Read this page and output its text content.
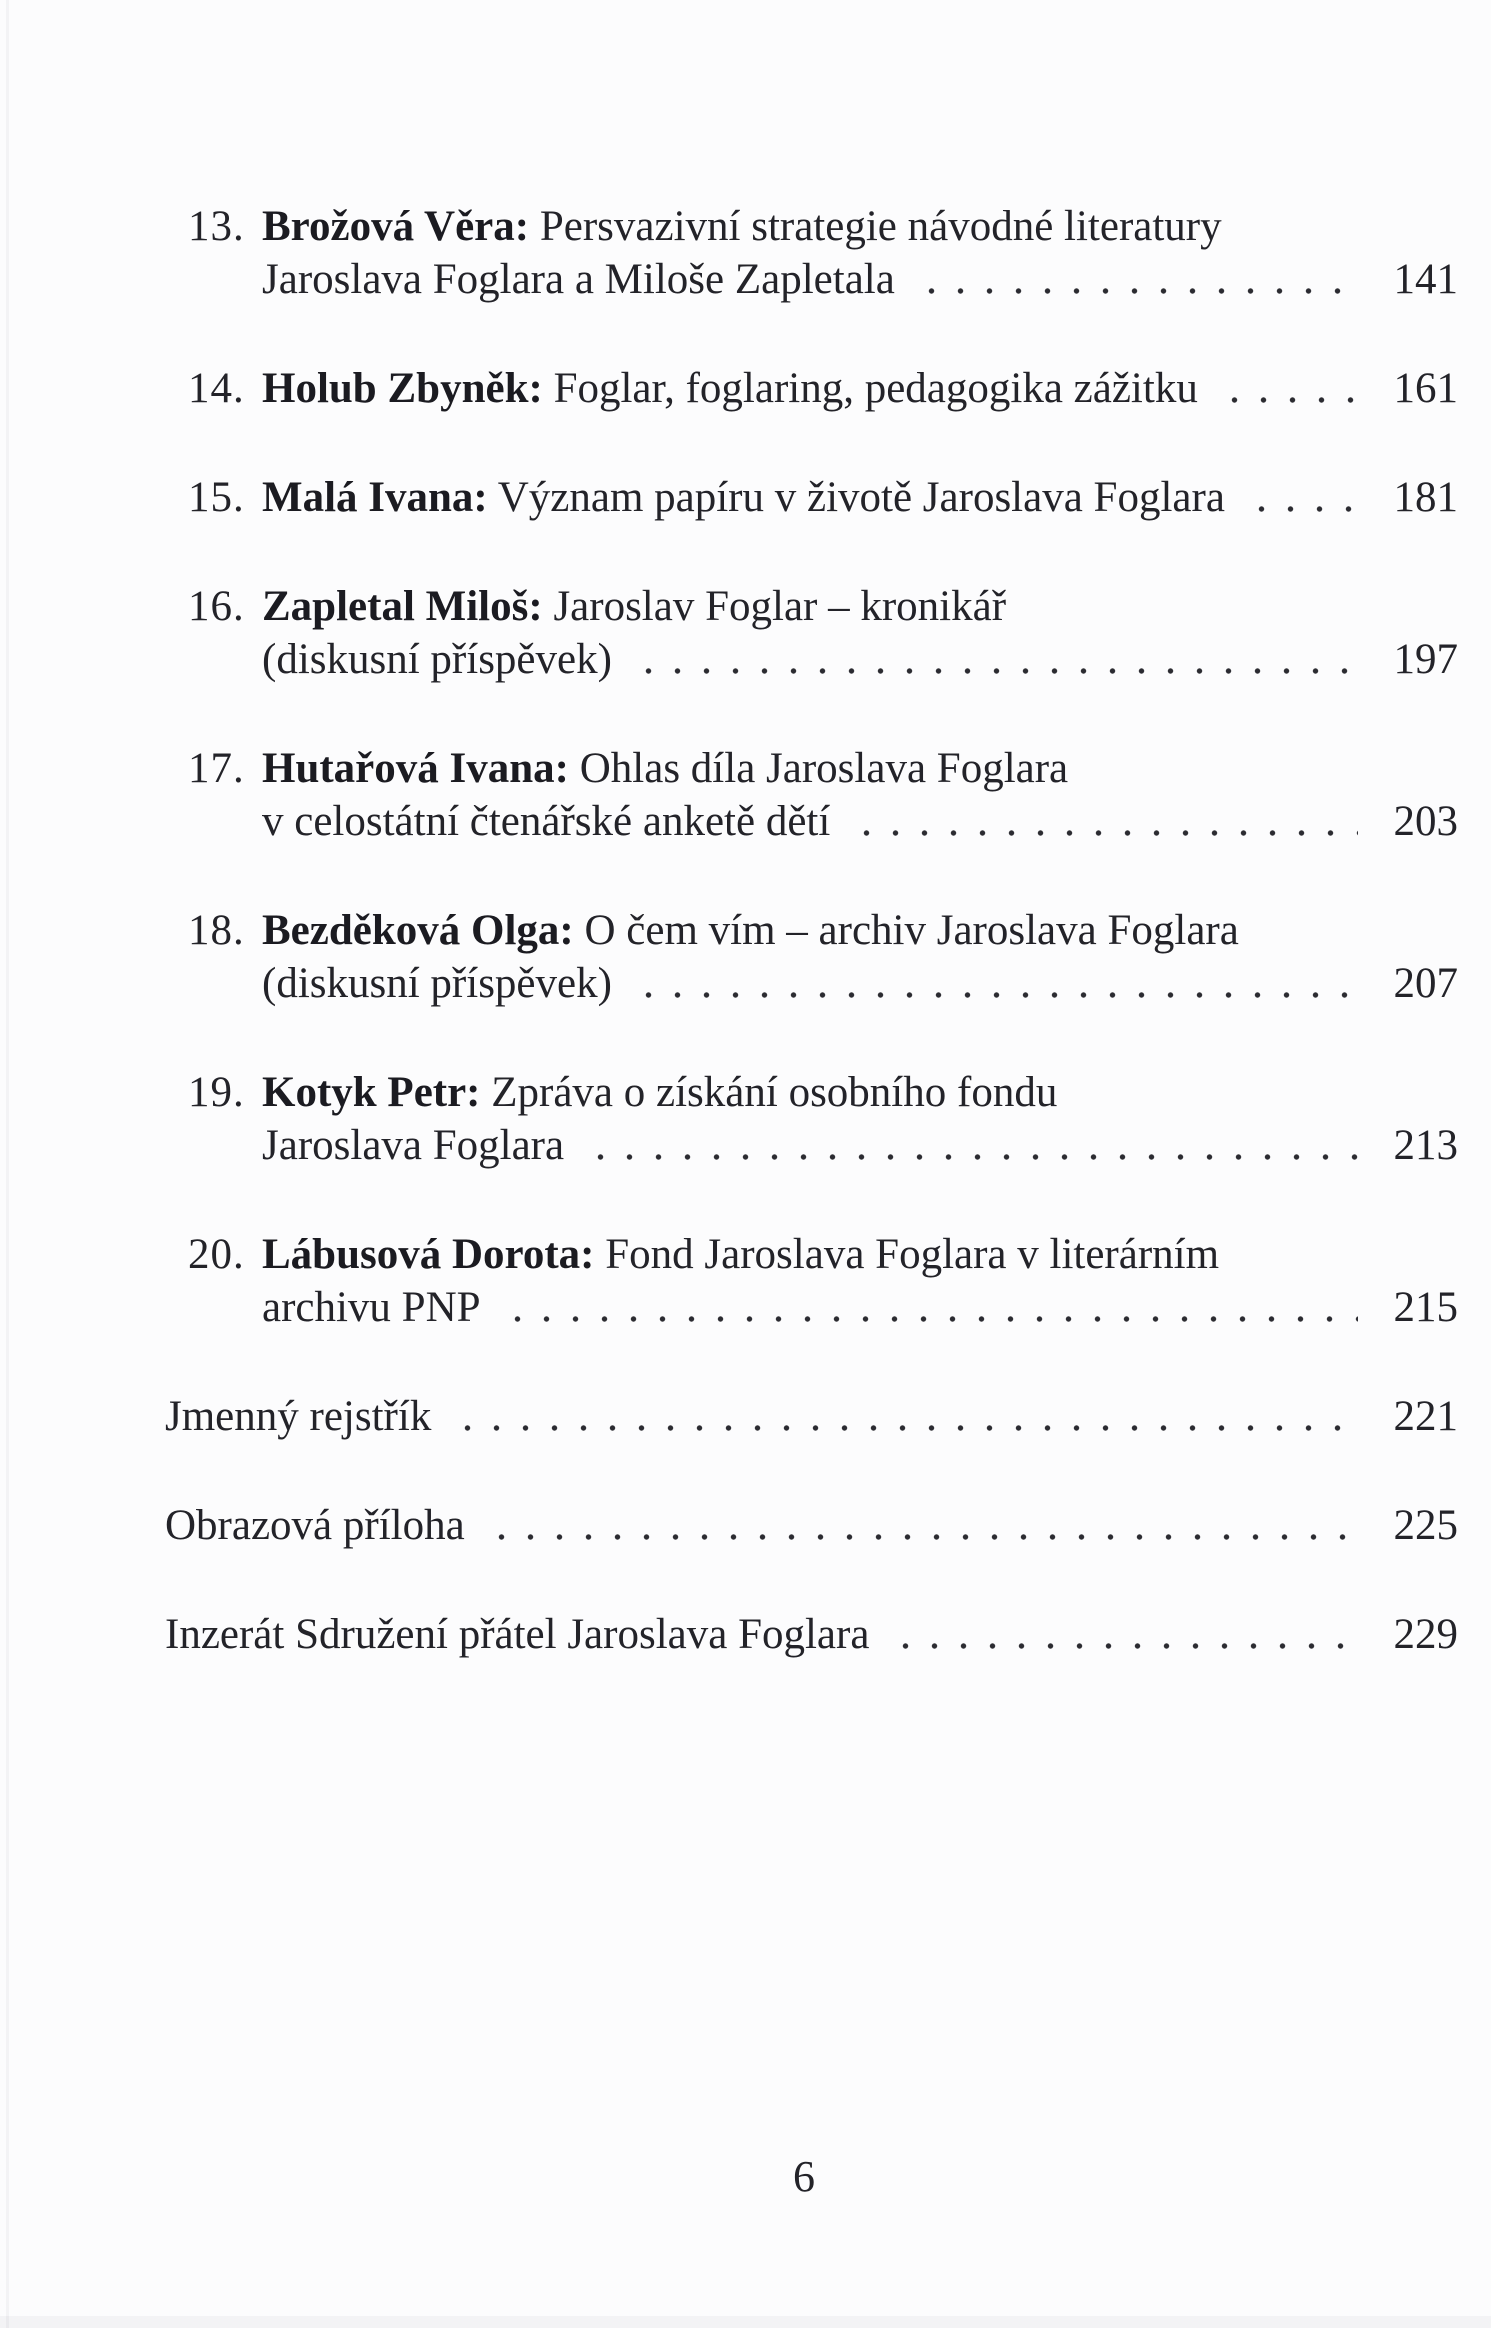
13. Brožová Věra: Persvazivní strategie návodné literatury
Jaroslava Foglara a Miloše Zapletala	141
14. Holub Zbyněk: Foglar, foglaring, pedagogika zážitku	161
15. Malá Ivana: Význam papíru v životě Jaroslava Foglara	181
16. Zapletal Miloš: Jaroslav Foglar – kronikář
(diskusní příspěvek)	197
17. Hutařová Ivana: Ohlas díla Jaroslava Foglara
v celostátní čtenářské anketě dětí	203
18. Bezděková Olga: O čem vím – archiv Jaroslava Foglara
(diskusní příspěvek)	207
19. Kotyk Petr: Zpráva o získání osobního fondu
Jaroslava Foglara	213
20. Lábusová Dorota: Fond Jaroslava Foglara v literárním
archivu PNP	215
Jmenný rejstřík	221
Obrazová příloha	225
Inzerát Sdružení přátel Jaroslava Foglara	229
6
